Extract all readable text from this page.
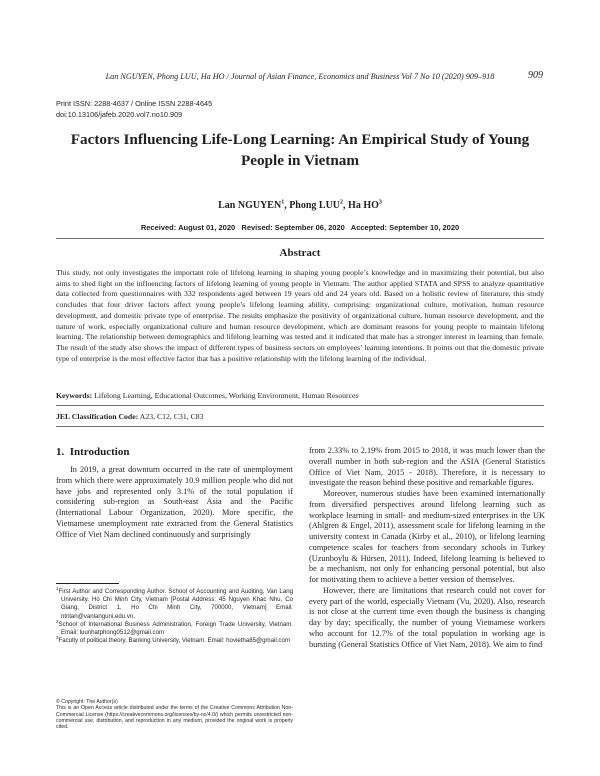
Lan NGUYEN, Phong LUU, Ha HO / Journal of Asian Finance, Economics and Business Vol 7 No 10 (2020) 909–918	909
Print ISSN: 2288-4637 / Online ISSN 2288-4645
doi:10.13106/jafeb.2020.vol7.no10.909
Factors Influencing Life-Long Learning: An Empirical Study of Young
People in Vietnam
Lan NGUYEN$^1$, Phong LUU$^2$, Ha $HO^3$
Received: August 01, 2020   Revised: September 06, 2020   Accepted: September 10, 2020
Abstract
This study, not only investigates the important role of lifelong learning in shaping young people’s knowledge and in maximizing their potential, but also aims to shed light on the influencing factors of lifelong learning of young people in Vietnam. The author applied STATA and SPSS to analyze quantitative data collected from questionnaires with 332 respondents aged between 19 years old and 24 years old. Based on a holistic review of literature, this study concludes that four driver factors affect young people’s lifelong learning ability, comprising: organizational culture, motivation, human resource development, and domestic private type of enterprise. The results emphasize the positivity of organizational culture, human resource development, and the nature of work, especially organizational culture and human resource development, which are dominant reasons for young people to maintain lifelong learning. The relationship between demographics and lifelong learning was tested and it indicated that male has a stronger interest in learning than female. The result of the study also shows the impact of different types of business sectors on employees’ learning intentions. It points out that the domestic private type of enterprise is the most effective factor that has a positive relationship with the lifelong learning of the individual.
Keywords: Lifelong Learning, Educational Outcomes, Working Environment, Human Resources
JEL Classification Code: A23, C12, C31, C83
1.  Introduction

In 2019, a great downturn occurred in the rate of unemployment from which there were approximately 10.9 million people who did not have jobs and represented only 3.1% of the total population if considering sub-region as South-east Asia and the Pacific (International Labour Organization, 2020). More specific, the Vietnamese unemployment rate extracted from the General Statistics Office of Viet Nam declined continuously and surprisingly

from 2.33% to 2.19% from 2015 to 2018, it was much lower than the overall number in both sub-region and the ASIA (General Statistics Office of Viet Nam, 2015 - 2018). Therefore, it is necessary to investigate the reason behind these positive and remarkable figures.

Moreover, numerous studies have been examined internationally from diversified perspectives around lifelong learning such as workplace learning in small- and medium-sized enterprises in the UK (Ahlgren & Engel, 2011), assessment scale for lifelong learning in the university context in Canada (Kirby et al., 2010), or lifelong learning competence scales for teachers from secondary schools in Turkey (Uzunboylu & Hürsen, 2011). Indeed, lifelong learning is believed to be a mechanism, not only for enhancing personal potential, but also for motivating them to achieve a better version of themselves.

However, there are limitations that research could not cover for every part of the world, especially Vietnam (Vu, 2020). Also, research is not close at the current time even though the business is changing day by day; specifically, the number of young Vietnamese workers who account for 12.7% of the total population in working age is bursting (General Statistics Office of Viet Nam, 2018). We aim to find

$^1$First Author and Corresponding Author. School of Accounting and Auditing, Van Lang University, Ho Chi Minh City, Vietnam [Postal Address: 45 Nguyen Khac Nhu, Co Giang, District 1, Ho Chi Minh City, 700000, Vietnam] Email: ntnlan@vanlanguni.edu.vn.
$^2$School of International Business Administration, Foreign Trade University, Vietnam. Email: luunhatphong0512@gmail.com
$^3$Faculty of political theory, Banking University, Vietnam. Email: hovietha85@gmail.com
© Copyright: The Author(s)
This is an Open Access article distributed under the terms of the Creative Commons Attribution Non-Commercial License (https://creativecommons.org/licenses/by-nc/4.0/) which permits unrestricted non-commercial use, distribution, and reproduction in any medium, provided the original work is properly cited.
